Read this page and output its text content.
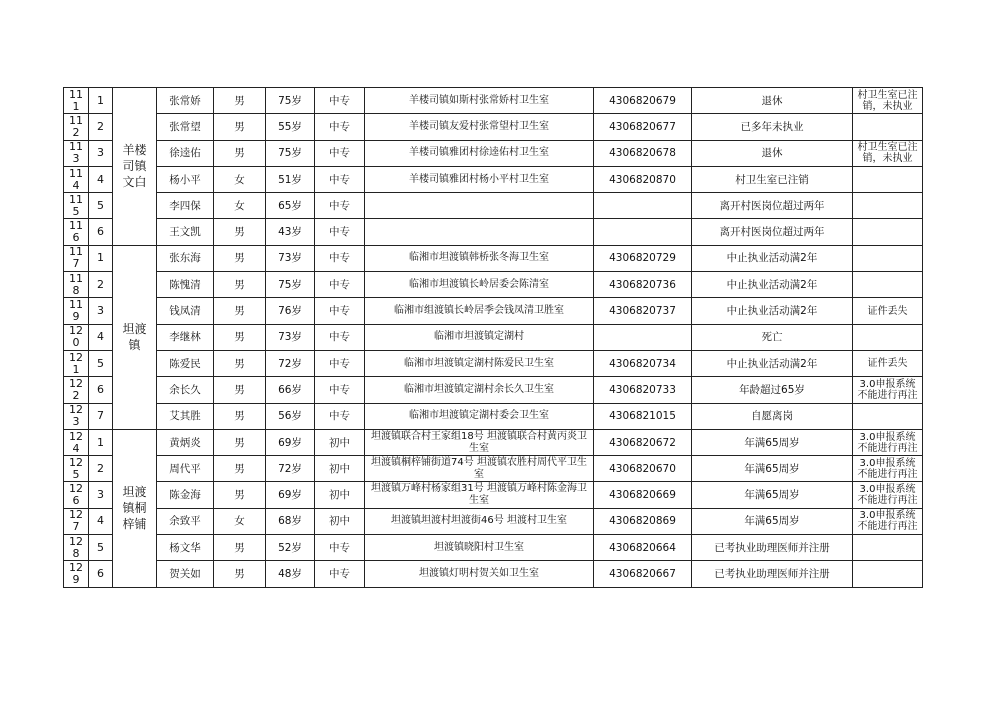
111	1	羊楼司镇文白	张常娇	男	75岁	中专	羊楼司镇如斯村张常娇村卫生室	4306820679	退休	村卫生室已注销，未执业
112	2		张常望	男	55岁	中专	羊楼司镇友爱村张常望村卫生室	4306820677	已多年未执业	
113	3		徐逵佑	男	75岁	中专	羊楼司镇雅团村徐逵佑村卫生室	4306820678	退休	村卫生室已注销，未执业
114	4		杨小平	女	51岁	中专	羊楼司镇雅团村杨小平村卫生室	4306820870	村卫生室已注销	
115	5		李四保	女	65岁	中专			离开村医岗位超过两年	
116	6		王文凯	男	43岁	中专			离开村医岗位超过两年	
117	1	坦渡镇	张东海	男	73岁	中专	临湘市坦渡镇韩桥张冬海卫生室	4306820729	中止执业活动满2年	
118	2		陈愧清	男	75岁	中专	临湘市坦渡镇长岭居委会陈清室	4306820736	中止执业活动满2年	
119	3		钱凤清	男	76岁	中专	临湘市组渡镇长岭居季会钱凤清卫胜室	4306820737	中止执业活动满2年	证件丢失
120	4		李继林	男	73岁	中专	临湘市坦渡镇定湖村		死亡	
121	5		陈爱民	男	72岁	中专	临湘市坦渡镇定湖村陈爱民卫生室	4306820734	中止执业活动满2年	证件丢失
122	6		余长久	男	66岁	中专	临湘市坦渡镇定湖村余长久卫生室	4306820733	年龄超过65岁	3.0申报系统不能进行再注
123	7		艾其胜	男	56岁	中专	临湘市坦渡镇定湖村委会卫生室	4306821015	自愿离岗	
124	1	坦渡镇桐梓铺	黄炳炎	男	69岁	初中	坦渡镇联合村王家组18号 坦渡镇联合村黄丙炎卫生室	4306820672	年满65周岁	3.0申报系统不能进行再注
125	2		周代平	男	72岁	初中	坦渡镇桐梓铺街道74号 坦渡镇农胜村周代平卫生室	4306820670	年满65周岁	3.0申报系统不能进行再注
126	3		陈金海	男	69岁	初中	坦渡镇万峰村杨家组31号 坦渡镇万峰村陈金海卫生室	4306820669	年满65周岁	3.0申报系统不能进行再注
127	4		余致平	女	68岁	初中	坦渡镇坦渡村坦渡街46号 坦渡村卫生室	4306820869	年满65周岁	3.0申报系统不能进行再注
128	5		杨文华	男	52岁	中专	坦渡镇晓阳村卫生室	4306820664	已考执业助理医师并注册	
129	6		贺关如	男	48岁	中专	坦渡镇灯明村贺关如卫生室	4306820667	已考执业助理医师并注册	
